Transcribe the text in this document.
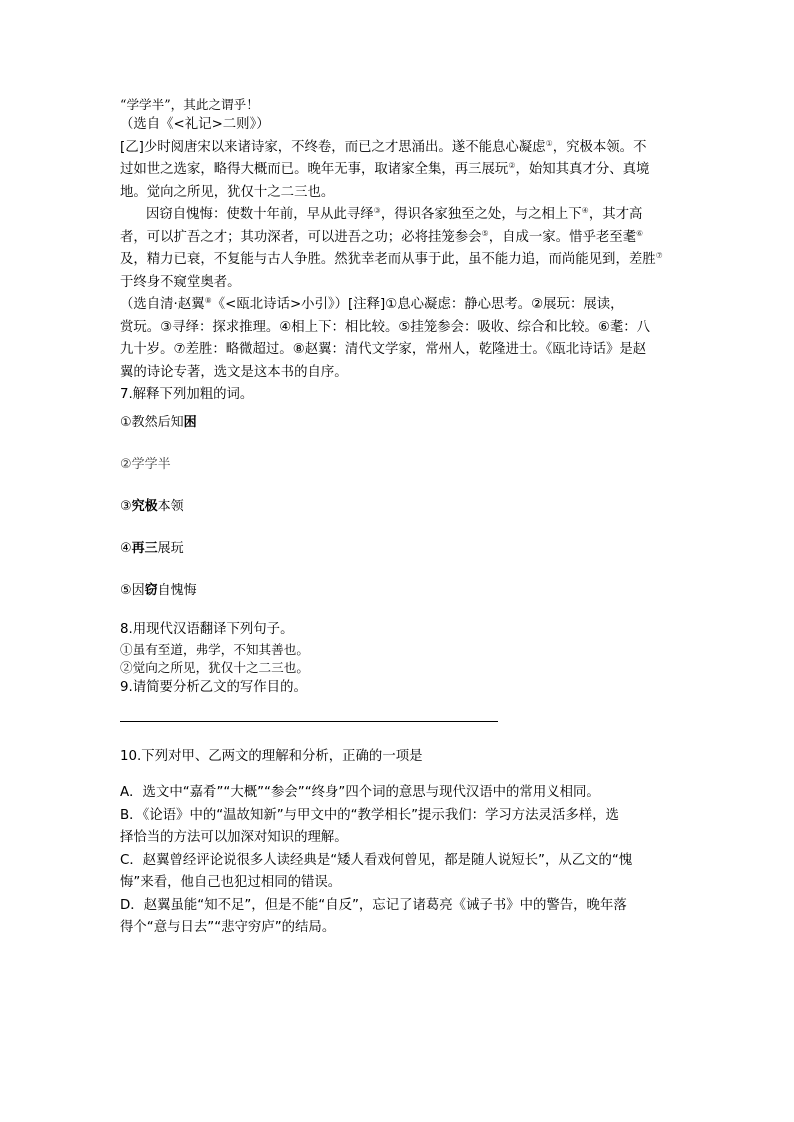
“学学半”，其此之谓乎！
（选自《<礼记>二则》）
[乙]少时阅唐宋以来诸诗家，不终卷，而已之才思涌出。遂不能息心凝虑①，究极本领。不
过如世之选家，略得大概而已。晚年无事，取诸家全集，再三展玩②，始知其真才分、真境
地。觉向之所见，犹仅十之二三也。
因窃自愧悔：使数十年前，早从此寻绎③，得识各家独至之处，与之相上下④，其才高
者，可以扩吾之才；其功深者，可以进吾之功；必将挂笼参会⑤，自成一家。惜乎老至耄⑥
及，精力已衰，不复能与古人争胜。然犹幸老而从事于此，虽不能力追，而尚能见到，差胜⑦
于终身不窥堂奥者。
（选自清·赵翼⑧《<瓯北诗话>小引》）[注释]①息心凝虑：静心思考。②展玩：展读，
赏玩。③寻绎：探求推理。④相上下：相比较。⑤挂笼参会：吸收、综合和比较。⑥耄：八
九十岁。⑦差胜：略微超过。⑧赵翼：清代文学家，常州人，乾隆进士。《瓯北诗话》是赵
翼的诗论专著，选文是这本书的自序。
7.解释下列加粗的词。
①教然后知困
②学学半
③究极本领
④再三展玩
⑤因窃自愧悔
8.用现代汉语翻译下列句子。
①虽有至道，弗学，不知其善也。
②觉向之所见，犹仅十之二三也。
9.请简要分析乙文的写作目的。
10.下列对甲、乙两文的理解和分析，正确的一项是
A．选文中“嘉肴”“大概”“参会”“终身”四个词的意思与现代汉语中的常用义相同。
B．《论语》中的“温故知新”与甲文中的“教学相长”提示我们：学习方法灵活多样，选
择恰当的方法可以加深对知识的理解。
C．赵翼曾经评论说很多人读经典是“矮人看戏何曾见，都是随人说短长”，从乙文的“愧
悔”来看，他自己也犯过相同的错误。
D．赵翼虽能“知不足”，但是不能“自反”，忘记了诸葛亮《诫子书》中的警告，晚年落
得个“意与日去”“悲守穷庐”的结局。
